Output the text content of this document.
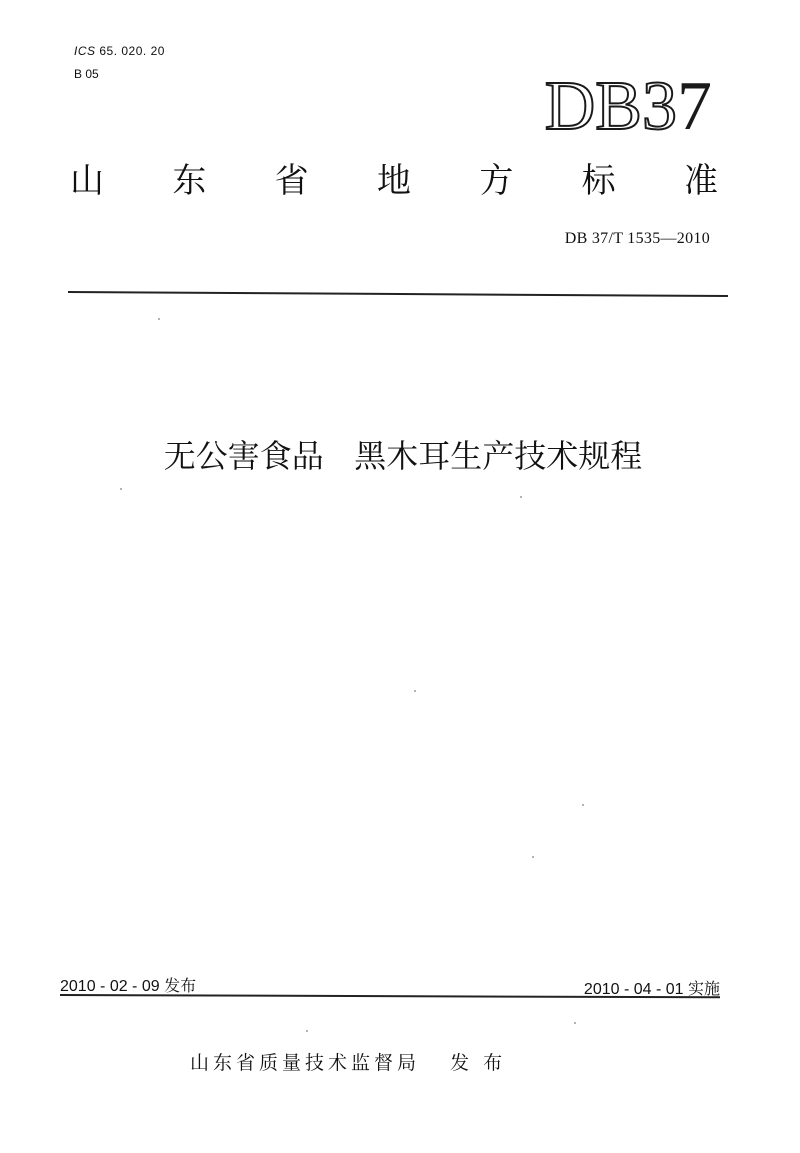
ICS 65. 020. 20
B 05	DB37
山 东 省 地 方 标 准
DB 37/T 1535—2010
无公害食品   黑木耳生产技术规程
2010 - 02 - 09 发布	2010 - 04 - 01 实施
山东省质量技术监督局   发 布
